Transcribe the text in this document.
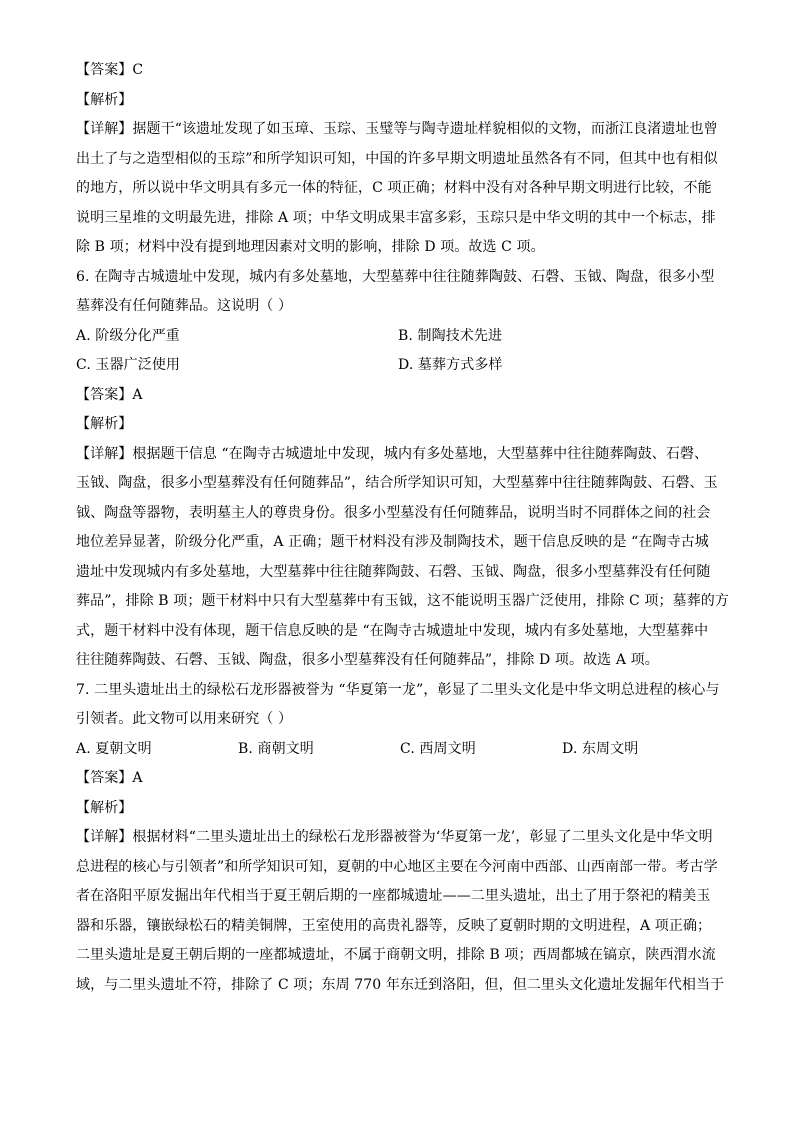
【答案】C
【解析】
【详解】据题干“该遗址发现了如玉璋、玉琮、玉璧等与陶寺遗址样貌相似的文物，而浙江良渚遗址也曾
出土了与之造型相似的玉琮”和所学知识可知，中国的许多早期文明遗址虽然各有不同，但其中也有相似
的地方，所以说中华文明具有多元一体的特征，C 项正确；材料中没有对各种早期文明进行比较，不能
说明三星堆的文明最先进，排除 A 项；中华文明成果丰富多彩，玉琮只是中华文明的其中一个标志，排
除 B 项；材料中没有提到地理因素对文明的影响，排除 D 项。故选 C 项。
6. 在陶寺古城遗址中发现，城内有多处墓地，大型墓葬中往往随葬陶鼓、石磬、玉钺、陶盘，很多小型
墓葬没有任何随葬品。这说明（ ）
A. 阶级分化严重	B. 制陶技术先进
C. 玉器广泛使用	D. 墓葬方式多样
【答案】A
【解析】
【详解】根据题干信息 “在陶寺古城遗址中发现，城内有多处墓地，大型墓葬中往往随葬陶鼓、石磬、
玉钺、陶盘，很多小型墓葬没有任何随葬品”，结合所学知识可知，大型墓葬中往往随葬陶鼓、石磬、玉
钺、陶盘等器物，表明墓主人的尊贵身份。很多小型墓没有任何随葬品，说明当时不同群体之间的社会
地位差异显著，阶级分化严重，A 正确；题干材料没有涉及制陶技术，题干信息反映的是 “在陶寺古城
遗址中发现城内有多处墓地，大型墓葬中往往随葬陶鼓、石磬、玉钺、陶盘，很多小型墓葬没有任何随
葬品”，排除 B 项；题干材料中只有大型墓葬中有玉钺，这不能说明玉器广泛使用，排除 C 项；墓葬的方
式，题干材料中没有体现，题干信息反映的是 “在陶寺古城遗址中发现，城内有多处墓地，大型墓葬中
往往随葬陶鼓、石磬、玉钺、陶盘，很多小型墓葬没有任何随葬品”，排除 D 项。故选 A 项。
7. 二里头遗址出土的绿松石龙形器被誉为 “华夏第一龙”，彰显了二里头文化是中华文明总进程的核心与
引领者。此文物可以用来研究（ ）
A. 夏朝文明	B. 商朝文明	C. 西周文明	D. 东周文明
【答案】A
【解析】
【详解】根据材料“二里头遗址出土的绿松石龙形器被誉为‘华夏第一龙’，彰显了二里头文化是中华文明
总进程的核心与引领者”和所学知识可知，夏朝的中心地区主要在今河南中西部、山西南部一带。考古学
者在洛阳平原发掘出年代相当于夏王朝后期的一座都城遗址——二里头遗址，出土了用于祭祀的精美玉
器和乐器，镶嵌绿松石的精美铜牌，王室使用的高贵礼器等，反映了夏朝时期的文明进程，A 项正确；
二里头遗址是夏王朝后期的一座都城遗址，不属于商朝文明，排除 B 项；西周都城在镐京，陕西渭水流
域，与二里头遗址不符，排除了 C 项；东周 770 年东迁到洛阳，但，但二里头文化遗址发掘年代相当于
